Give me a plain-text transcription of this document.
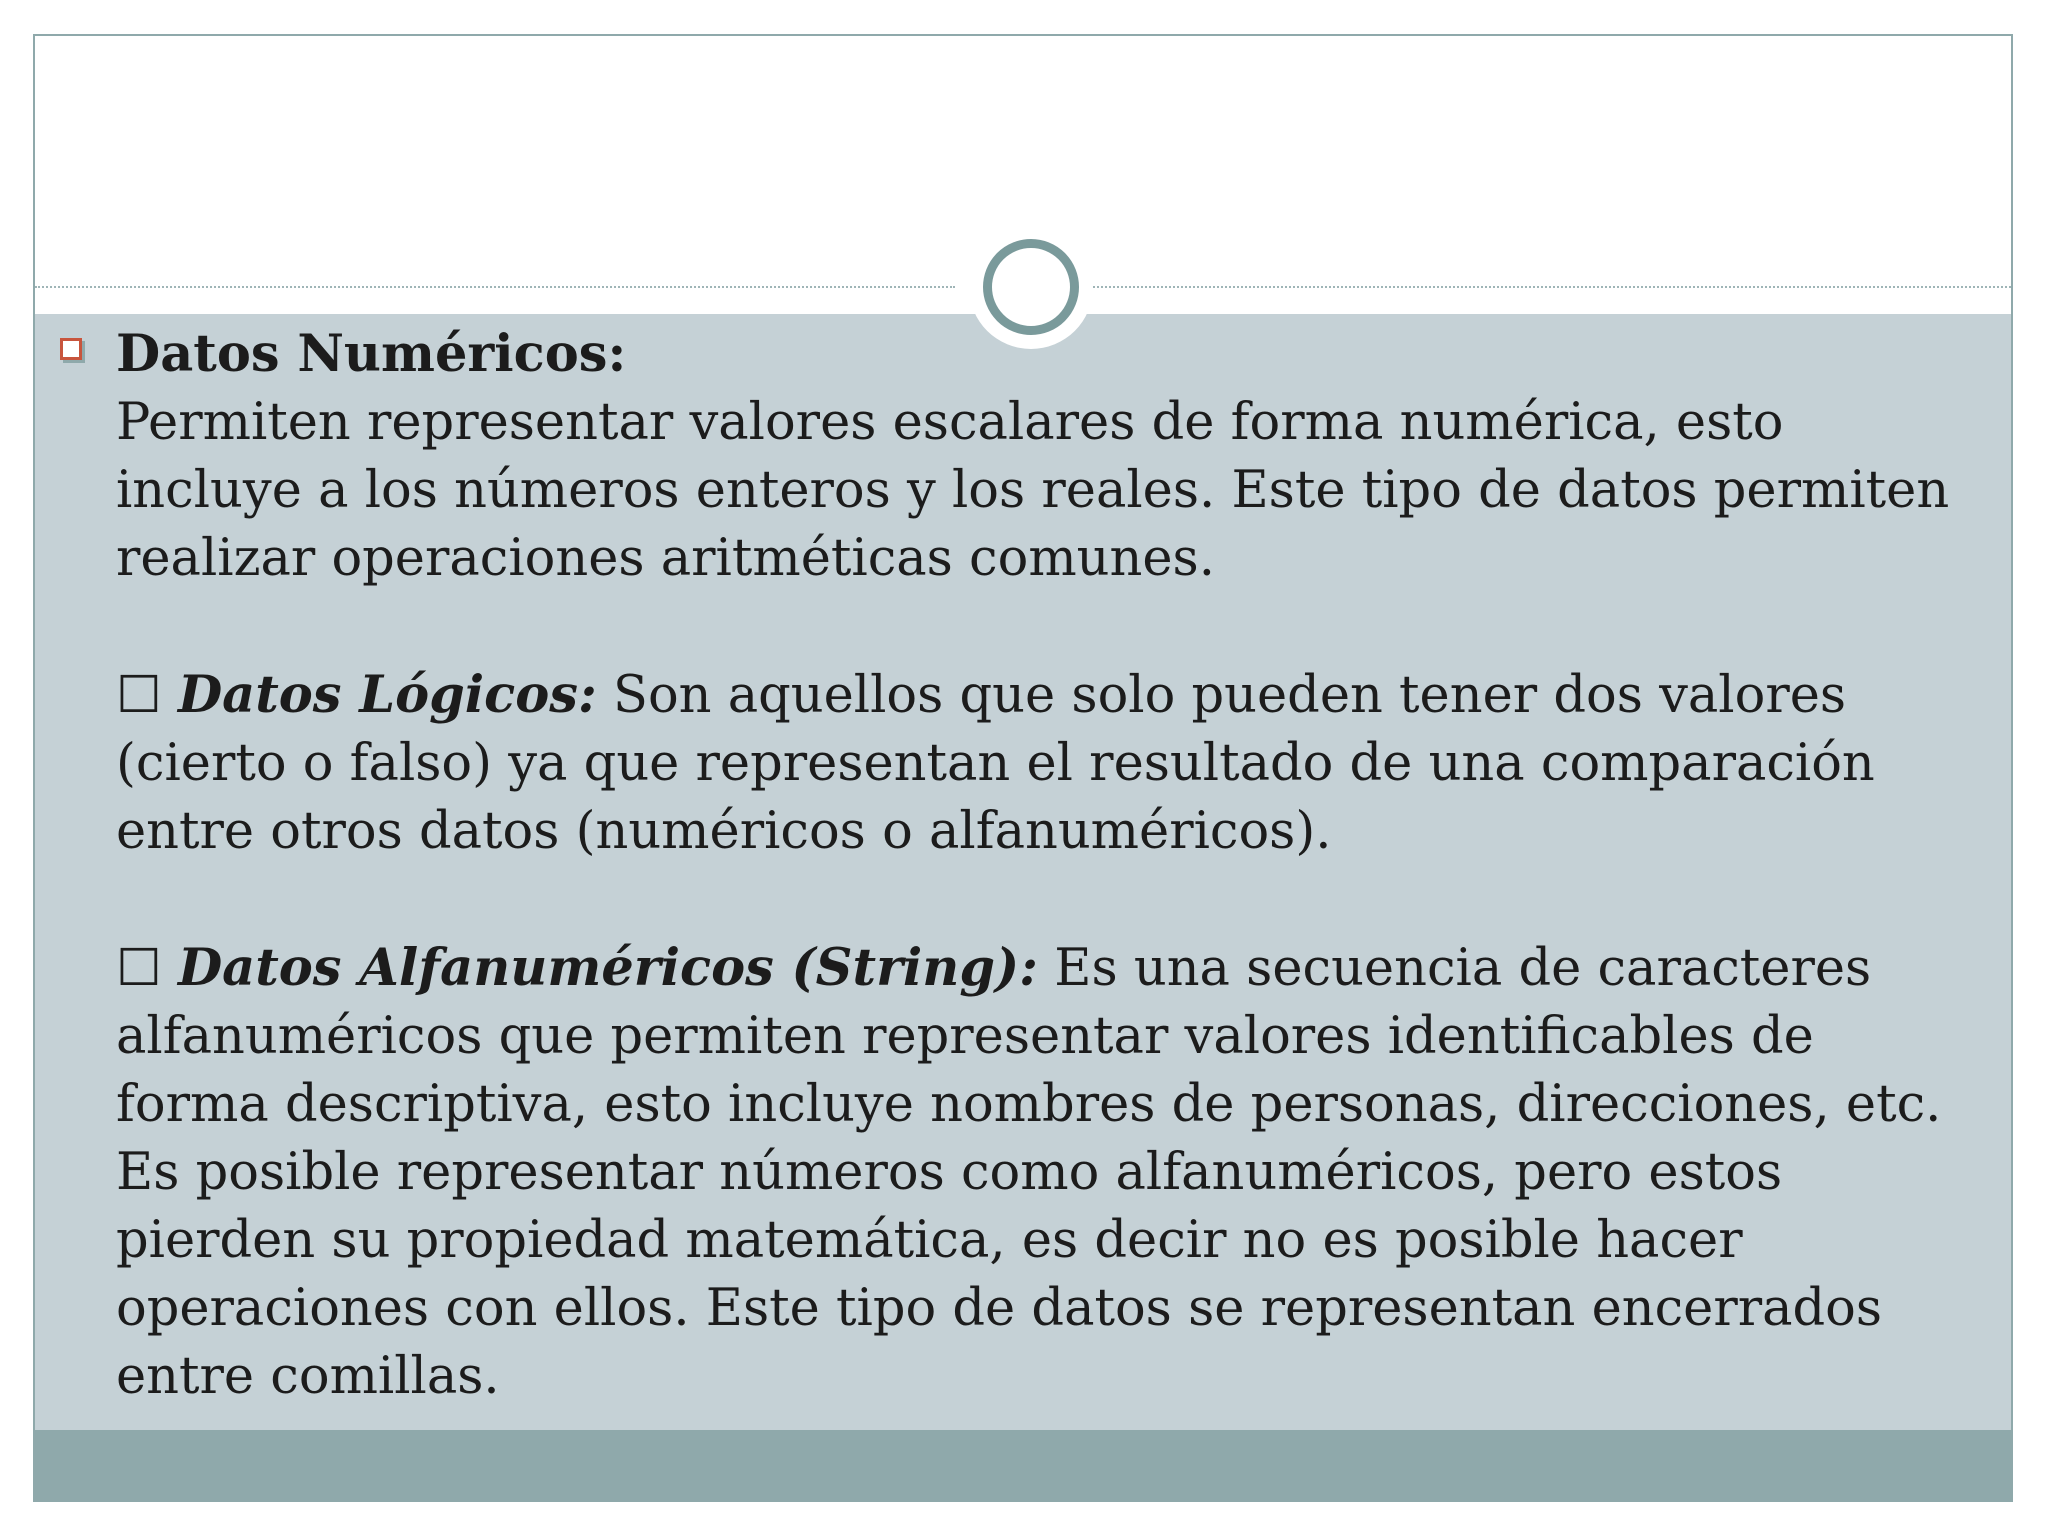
Datos Numéricos:
Permiten representar valores escalares de forma numérica, esto incluye a los números enteros y los reales. Este tipo de datos permiten realizar operaciones aritméticas comunes.

☐ Datos Lógicos: Son aquellos que solo pueden tener dos valores (cierto o falso) ya que representan el resultado de una comparación entre otros datos (numéricos o alfanuméricos).

☐ Datos Alfanuméricos (String): Es una secuencia de caracteres alfanuméricos que permiten representar valores identificables de forma descriptiva, esto incluye nombres de personas, direcciones, etc. Es posible representar números como alfanuméricos, pero estos pierden su propiedad matemática, es decir no es posible hacer operaciones con ellos. Este tipo de datos se representan encerrados entre comillas.
